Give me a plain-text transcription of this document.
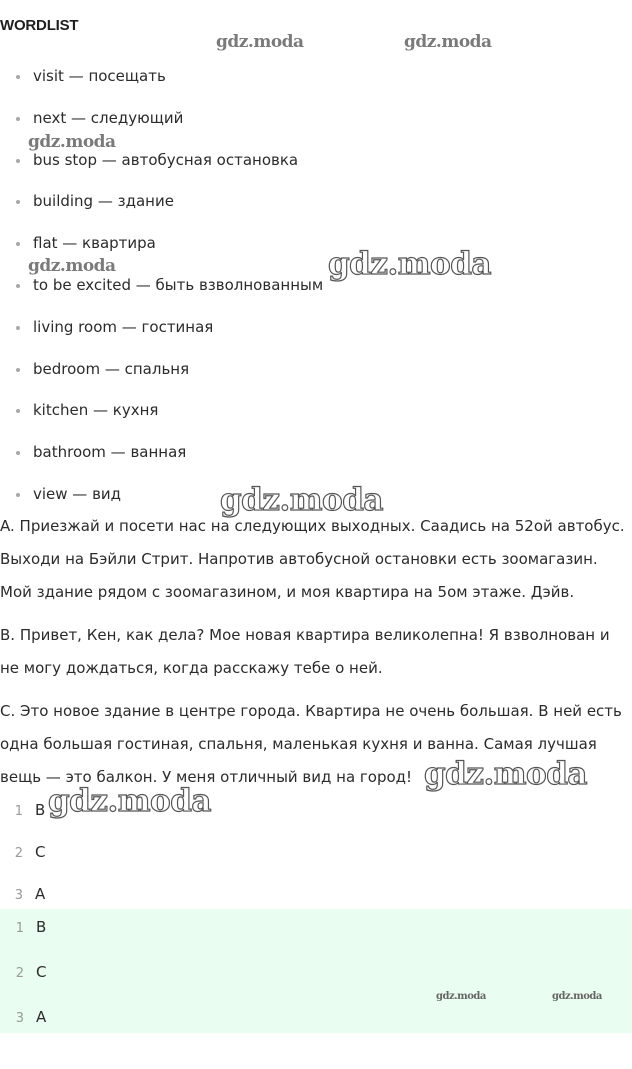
WORDLIST
visit — посещать
next — следующий
bus stop — автобусная остановка
building — здание
flat — квартира
to be excited — быть взволнованным
living room — гостиная
bedroom — спальня
kitchen — кухня
bathroom — ванная
view — вид

A. Приезжай и посети нас на следующих выходных. Саадись на 52ой автобус. Выходи на Бэйли Стрит. Напротив автобусной остановки есть зоомагазин. Мой здание рядом с зоомагазином, и моя квартира на 5ом этаже. Дэйв.

B. Привет, Кен, как дела? Мое новая квартира великолепна! Я взволнован и не могу дождаться, когда расскажу тебе о ней.

C. Это новое здание в центре города. Квартира не очень большая. В ней есть одна большая гостиная, спальня, маленькая кухня и ванна. Самая лучшая вещь — это балкон. У меня отличный вид на город!

1 B
2 C
3 A
1 B
2 C
3 A
gdz.moda	gdz.moda
gdz.moda
gdz.moda	gdz.moda
gdz.moda
gdz.moda
gdz.moda
gdz.moda	gdz.moda
